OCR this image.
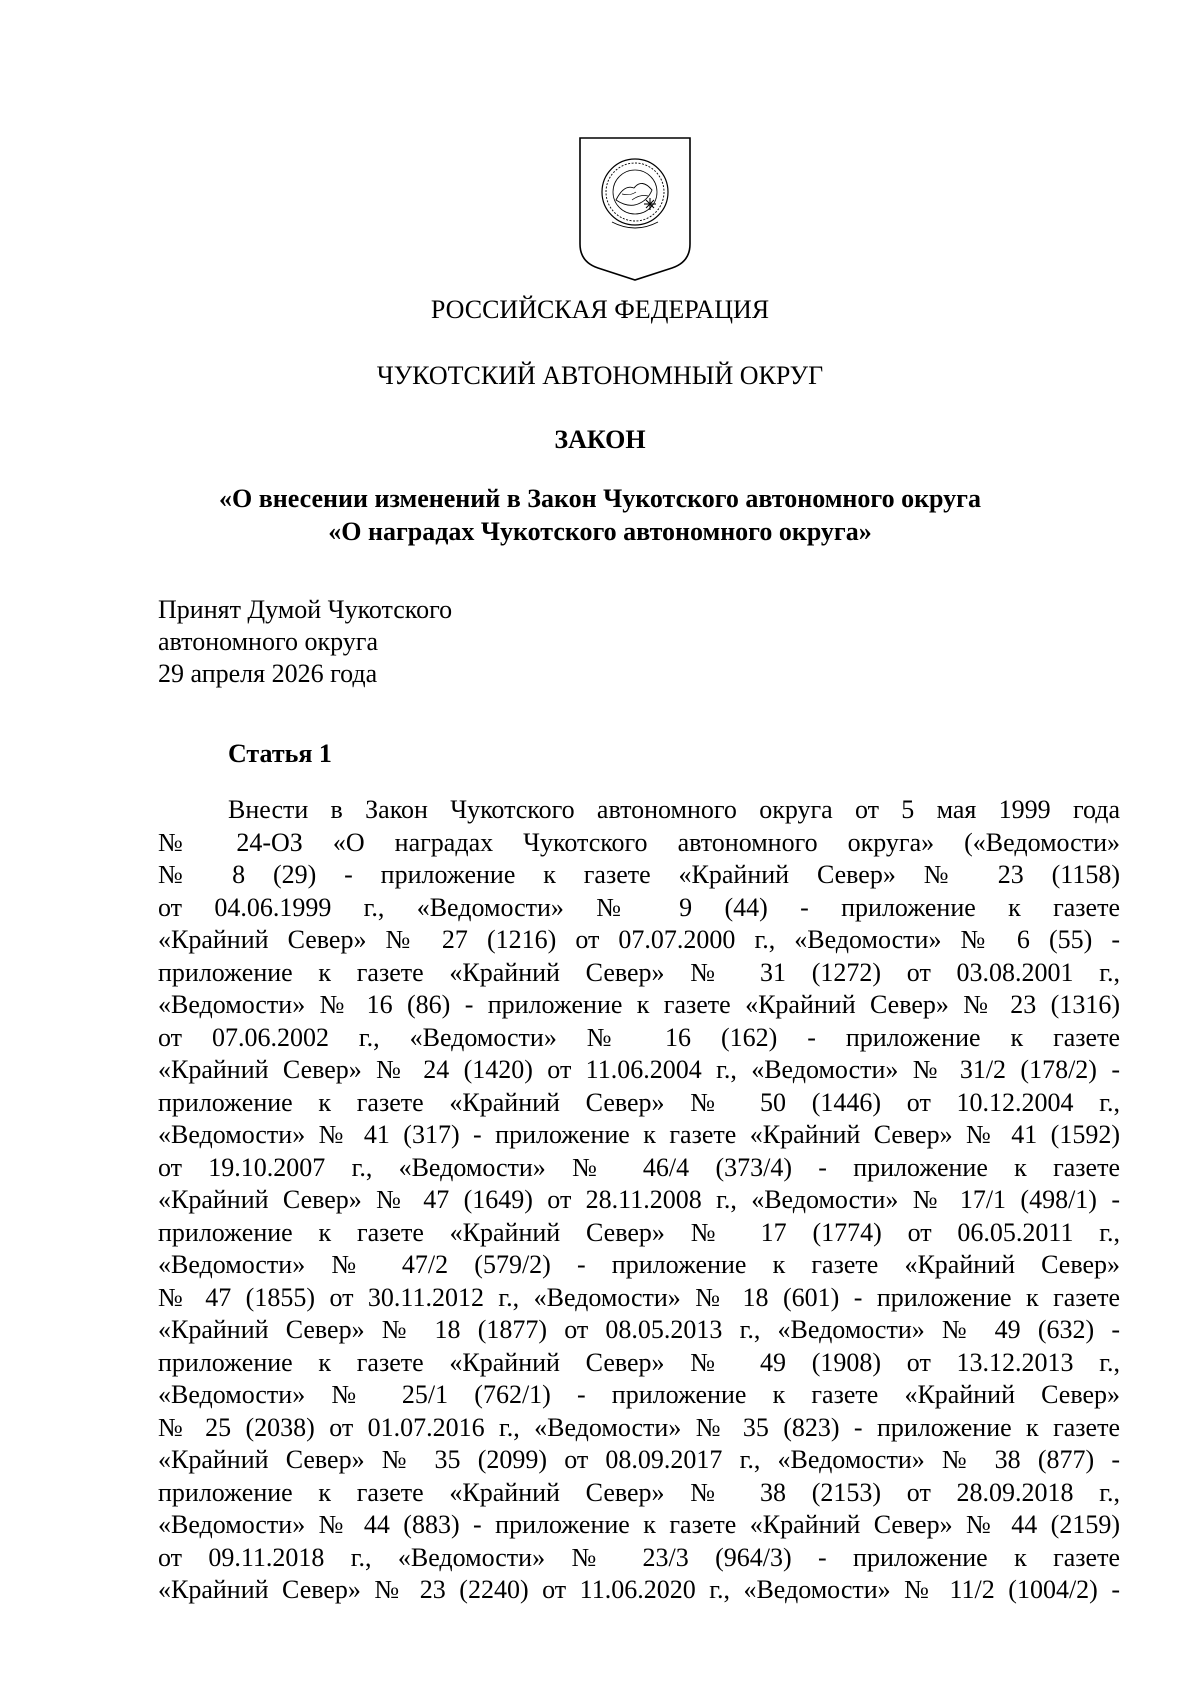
РОССИЙСКАЯ ФЕДЕРАЦИЯ
ЧУКОТСКИЙ АВТОНОМНЫЙ ОКРУГ
ЗАКОН
«О внесении изменений в Закон Чукотского автономного округа
«О наградах Чукотского автономного округа»
Принят Думой Чукотского
автономного округа
29 апреля 2026 года
Статья 1
Внести в Закон Чукотского автономного округа от 5 мая 1999 года
№ 24-ОЗ «О наградах Чукотского автономного округа» («Ведомости»
№ 8 (29) - приложение к газете «Крайний Север» № 23 (1158)
от 04.06.1999 г., «Ведомости» № 9 (44) - приложение к газете
«Крайний Север» № 27 (1216) от 07.07.2000 г., «Ведомости» № 6 (55) -
приложение к газете «Крайний Север» № 31 (1272) от 03.08.2001 г.,
«Ведомости» № 16 (86) - приложение к газете «Крайний Север» № 23 (1316)
от 07.06.2002 г., «Ведомости» № 16 (162) - приложение к газете
«Крайний Север» № 24 (1420) от 11.06.2004 г., «Ведомости» № 31/2 (178/2) -
приложение к газете «Крайний Север» № 50 (1446) от 10.12.2004 г.,
«Ведомости» № 41 (317) - приложение к газете «Крайний Север» № 41 (1592)
от 19.10.2007 г., «Ведомости» № 46/4 (373/4) - приложение к газете
«Крайний Север» № 47 (1649) от 28.11.2008 г., «Ведомости» № 17/1 (498/1) -
приложение к газете «Крайний Север» № 17 (1774) от 06.05.2011 г.,
«Ведомости» № 47/2 (579/2) - приложение к газете «Крайний Север»
№ 47 (1855) от 30.11.2012 г., «Ведомости» № 18 (601) - приложение к газете
«Крайний Север» № 18 (1877) от 08.05.2013 г., «Ведомости» № 49 (632) -
приложение к газете «Крайний Север» № 49 (1908) от 13.12.2013 г.,
«Ведомости» № 25/1 (762/1) - приложение к газете «Крайний Север»
№ 25 (2038) от 01.07.2016 г., «Ведомости» № 35 (823) - приложение к газете
«Крайний Север» № 35 (2099) от 08.09.2017 г., «Ведомости» № 38 (877) -
приложение к газете «Крайний Север» № 38 (2153) от 28.09.2018 г.,
«Ведомости» № 44 (883) - приложение к газете «Крайний Север» № 44 (2159)
от 09.11.2018 г., «Ведомости» № 23/3 (964/3) - приложение к газете
«Крайний Север» № 23 (2240) от 11.06.2020 г., «Ведомости» № 11/2 (1004/2) -
